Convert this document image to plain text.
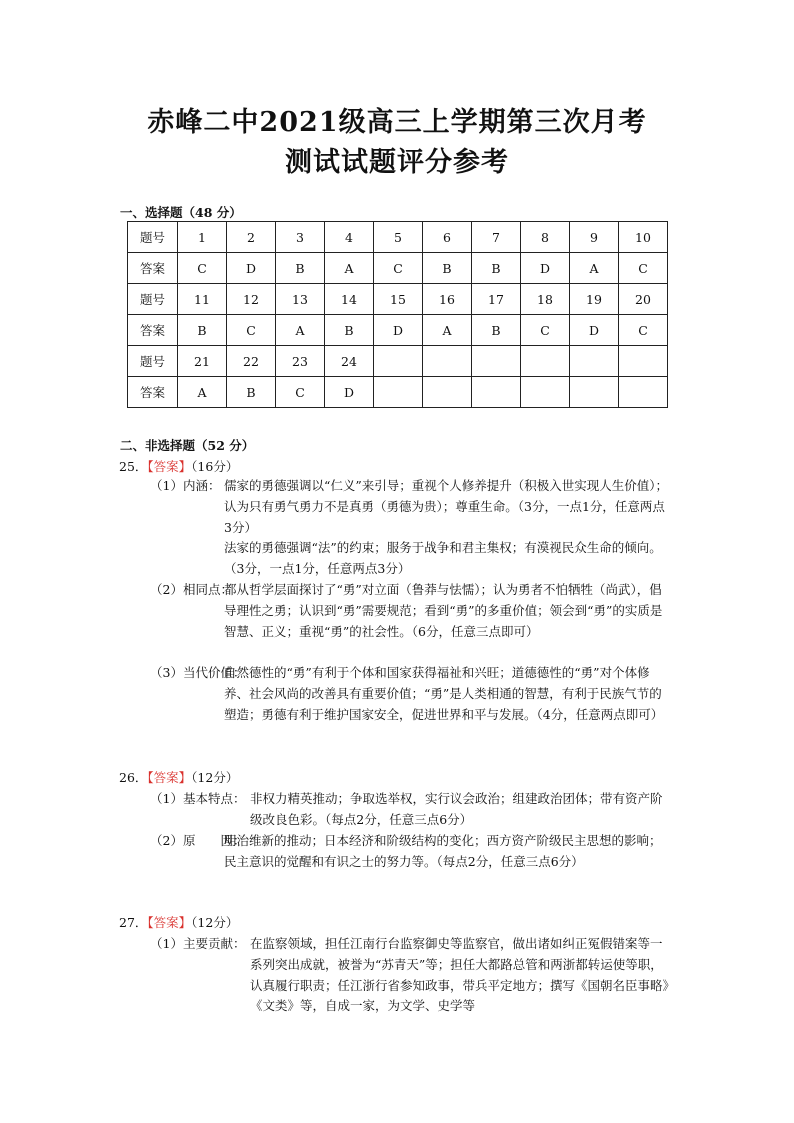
赤峰二中2021级高三上学期第三次月考
测试试题评分参考
一、选择题（48 分）
题号	1	2	3	4	5	6	7	8	9	10
答案	C	D	B	A	C	B	B	D	A	C
题号	11	12	13	14	15	16	17	18	19	20
答案	B	C	A	B	D	A	B	C	D	C
题号	21	22	23	24						
答案	A	B	C	D						
二、非选择题（52 分）
25．【答案】（16分）
（1）内涵： 儒家的勇德强调以“仁义”来引导；重视个人修养提升（积极入世实现人生价值）；认为只有勇气勇力不是真勇（勇德为贵）；尊重生命。（3分，一点1分，任意两点3分）
法家的勇德强调“法”的约束；服务于战争和君主集权；有漠视民众生命的倾向。（3分，一点1分，任意两点3分）
（2）相同点：
都从哲学层面探讨了“勇”对立面（鲁莽与怯懦）；认为勇者不怕牺牲（尚武），倡导理性之勇；认识到“勇”需要规范；看到“勇”的多重价值；领会到“勇”的实质是智慧、正义；重视“勇”的社会性。（6分，任意三点即可）
（3）当代价值：
自然德性的“勇”有利于个体和国家获得福祉和兴旺；道德德性的“勇”对个体修养、社会风尚的改善具有重要价值；“勇”是人类相通的智慧，有利于民族气节的塑造；勇德有利于维护国家安全，促进世界和平与发展。（4分，任意两点即可）
26．【答案】（12分）
（1）基本特点： 非权力精英推动；争取选举权，实行议会政治；组建政治团体；带有资产阶级改良色彩。（每点2分，任意三点6分）
（2）原　　因：
明治维新的推动；日本经济和阶级结构的变化；西方资产阶级民主思想的影响；民主意识的觉醒和有识之士的努力等。（每点2分，任意三点6分）
27．【答案】（12分）
（1）主要贡献： 在监察领域，担任江南行台监察御史等监察官，做出诸如纠正冤假错案等一系列突出成就，被誉为“苏青天”等；担任大都路总管和两浙都转运使等职，认真履行职责；任江浙行省参知政事，带兵平定地方；撰写《国朝名臣事略》《文类》等，自成一家，为文学、史学等
